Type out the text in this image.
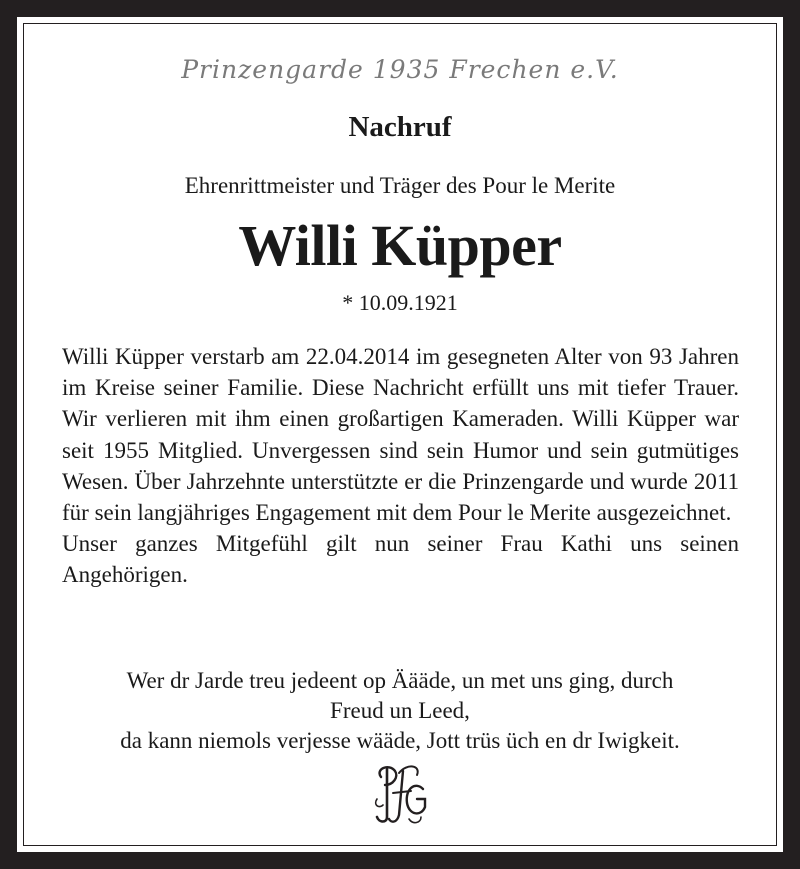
Prinzengarde 1935 Frechen e.V.
Nachruf
Ehrenrittmeister und Träger des Pour le Merite
Willi Küpper
* 10.09.1921

Willi Küpper verstarb am 22.04.2014 im gesegneten Alter von 93 Jahren im Kreise seiner Familie. Diese Nachricht erfüllt uns mit tiefer Trauer. Wir verlieren mit ihm einen großartigen Kameraden. Willi Küpper war seit 1955 Mitglied. Unvergessen sind sein Humor und sein gutmütiges Wesen. Über Jahrzehnte unterstützte er die Prinzengarde und wurde 2011 für sein langjähriges Engagement mit dem Pour le Merite ausgezeichnet.

Unser ganzes Mitgefühl gilt nun seiner Frau Kathi uns seinen Angehörigen.

Wer dr Jarde treu jedeent op Äääde, un met uns ging, durch
Freud un Leed,
da kann niemols verjesse wääde, Jott trüs üch en dr Iwigkeit.
